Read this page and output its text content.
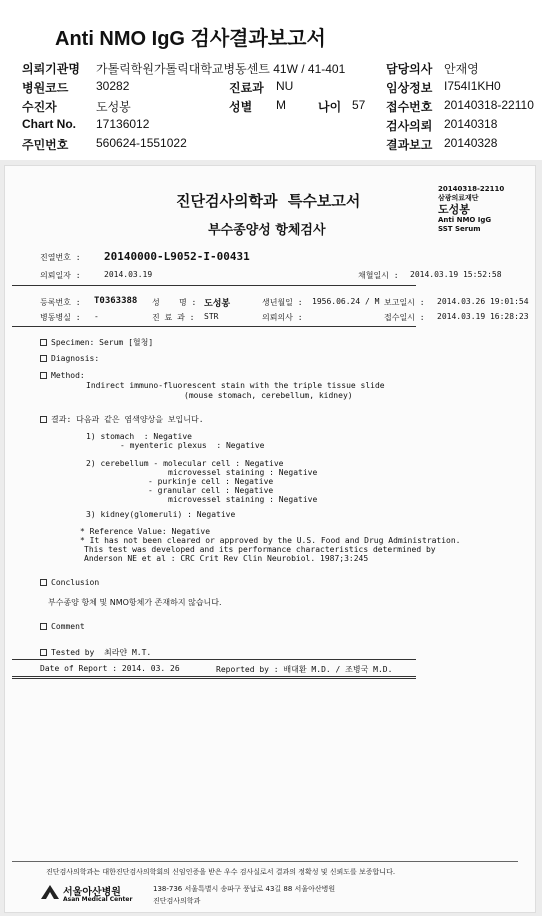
Anti NMO IgG 검사결과보고서
의뢰기관명 가톨릭학원가톨릭대학교병동센트 41W / 41-401	담당의사 안재영
병원코드 30282	진료과 NU	임상정보 I754I1KH0
수진자	도성봉	성별 M	나이 57 접수번호 20140318-22110
Chart No. 17136012	검사의뢰 20140318
주민번호 560624-1551022	결과보고 20140328
진단검사의학과  특수보고서
부수종양성 항체검사
20140318-22110
삼광의료재단
도성봉
Anti NMO IgG
SST Serum
진열번호 : 20140000-L9052-I-00431
의뢰일자 :	2014.03.19	채혈일시 : 2014.03.19 15:52:58
등록번호 : T0363388 성    명 : 도성봉	생년월일 : 1956.06.24 / M 보고일시 : 2014.03.26 19:01:54
병동병실 : -	진 료 과 : STR	의뢰의사 :	접수일시 : 2014.03.19 16:28:23
Specimen: Serum [혈청]
Diagnosis:
Method:
Indirect immuno-fluorescent stain with the triple tissue slide
(mouse stomach, cerebellum, kidney)
결과: 다음과 같은 염색양상을 보입니다.
1) stomach  : Negative
- myenteric plexus  : Negative
2) cerebellum - molecular cell : Negative
microvessel staining : Negative
- purkinje cell : Negative
- granular cell : Negative
microvessel staining : Negative
3) kidney(glomeruli) : Negative
* Reference Value: Negative
* It has not been cleared or approved by the U.S. Food and Drug Administration.
This test was developed and its performance characteristics determined by
Anderson NE et al : CRC Crit Rev Clin Neurobiol. 1987;3:245
Conclusion
부수종양 항체 및 NMO항체가 존재하지 않습니다.
Comment
Tested by  최라얀 M.T.
Date of Report : 2014. 03. 26	Reported by : 배대환 M.D. / 조병국 M.D.
진단검사의학과는 대한진단검사의학회의 신임인증을 받은 우수 검사실로서 결과의 정확성 및 신뢰도를 보증합니다.
서울아산병원
Asan Medical Center
138-736 서울특별시 송파구 풍납로 43길 88 서울아산병원
진단검사의학과
